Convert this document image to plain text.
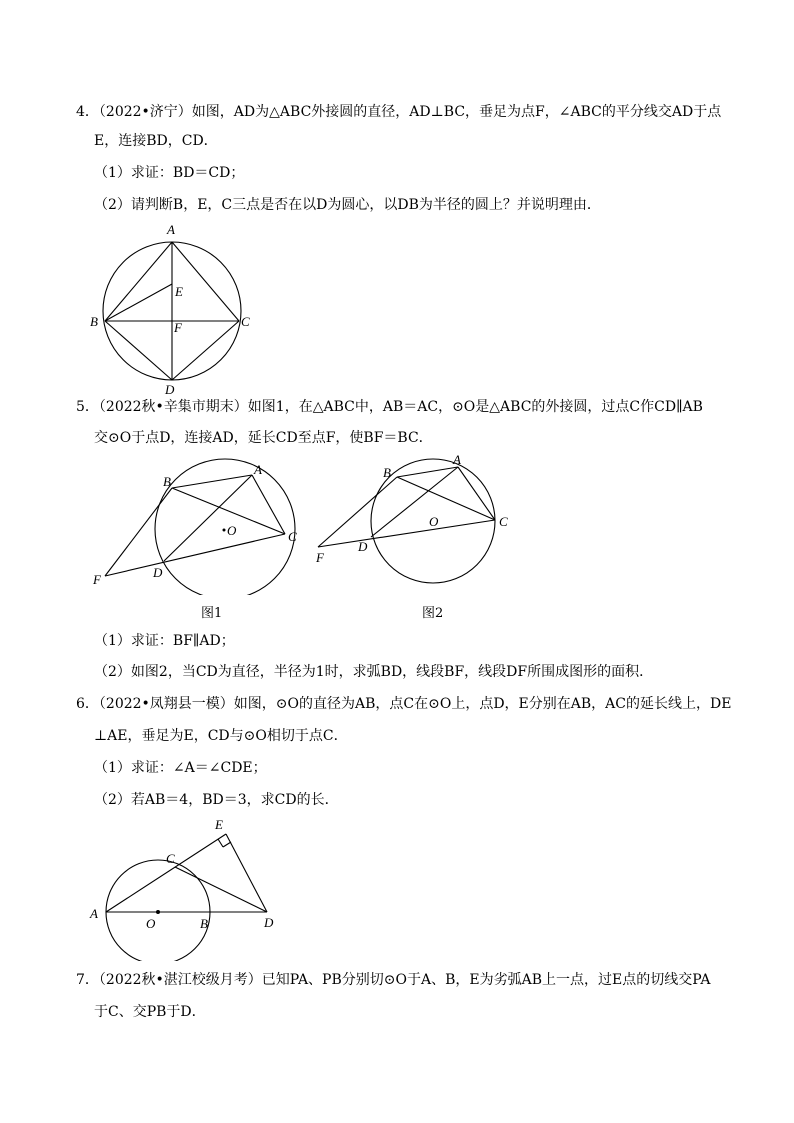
4．（2022•济宁）如图，AD为△ABC外接圆的直径，AD⊥BC，垂足为点F，∠ABC的平分线交AD于点
E，连接BD，CD．
（1）求证：BD＝CD；
（2）请判断B，E，C三点是否在以D为圆心，以DB为半径的圆上？并说明理由．
A
B	C
D
E
F
5．（2022秋•辛集市期末）如图1，在△ABC中，AB＝AC，⊙O是△ABC的外接圆，过点C作CD∥AB
交⊙O于点D，连接AD，延长CD至点F，使BF＝BC．
A
B
C
D
F
O
图1
A
B
C
D
F
O
图2
（1）求证：BF∥AD；
（2）如图2，当CD为直径，半径为1时，求弧BD，线段BF，线段DF所围成图形的面积．
6．（2022•凤翔县一模）如图，⊙O的直径为AB，点C在⊙O上，点D，E分别在AB，AC的延长线上，DE
⊥AE，垂足为E，CD与⊙O相切于点C．
（1）求证：∠A＝∠CDE；
（2）若AB＝4，BD＝3，求CD的长．
A
B
C
D
E
O
7．（2022秋•湛江校级月考）已知PA、PB分别切⊙O于A、B，E为劣弧AB上一点，过E点的切线交PA
于C、交PB于D．
